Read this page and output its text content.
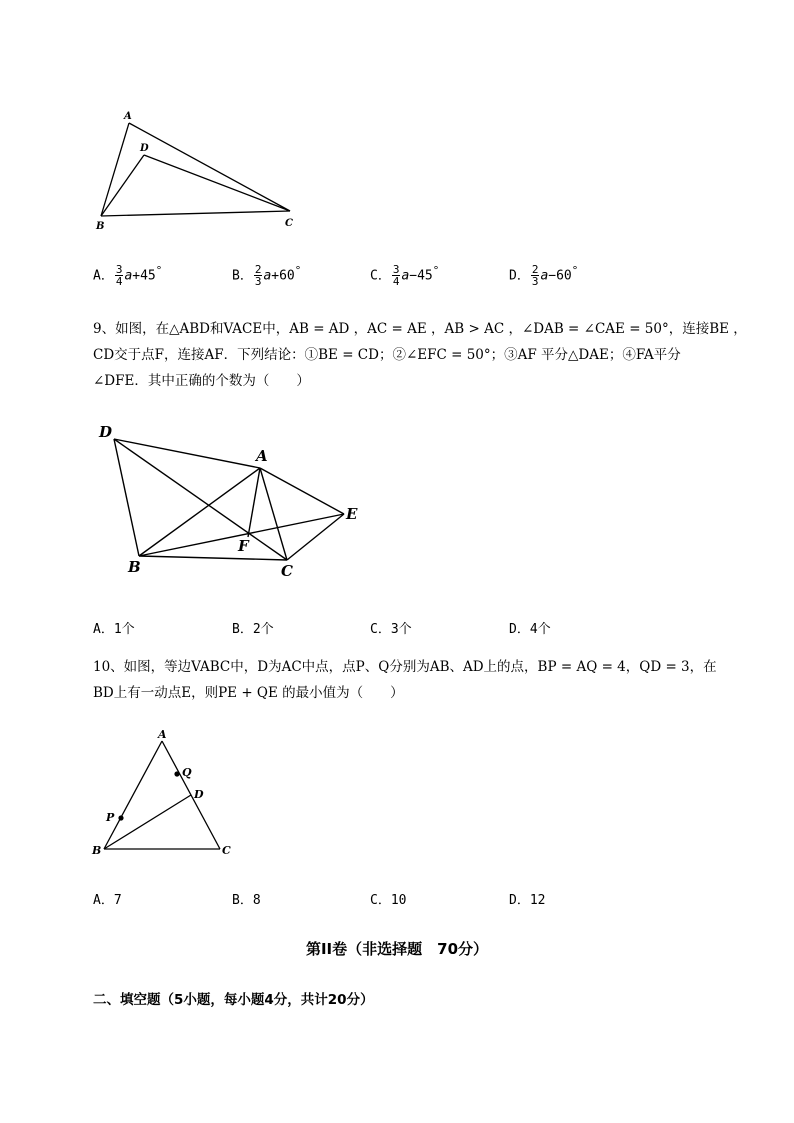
A
D
B	C
A． $\frac{3}{4} a+45^\circ$	B． $\frac{2}{3} a+60^\circ$	C． $\frac{3}{4} a-45^\circ$	D． $\frac{2}{3} a-60^\circ$
9、如图，在△ABD和VACE中，AB = AD ，AC = AE ，AB > AC ，∠DAB = ∠CAE = 50°，连接BE ，
CD交于点F，连接AF．下列结论：①BE = CD；②∠EFC = 50°；③AF 平分△DAE；④FA平分
∠DFE．其中正确的个数为（　　）
D
A
E
F
B	C
A．1个	B．2个	C．3个	D．4个
10、如图，等边VABC中，D为AC中点，点P、Q分别为AB、AD上的点，BP = AQ = 4，QD = 3，在
BD上有一动点E，则PE + QE 的最小值为（　　）
A
Q
D
P
B	C
A．7	B．8	C．10	D．12
第II卷（非选择题　70分）
二、填空题（5小题，每小题4分，共计20分）
